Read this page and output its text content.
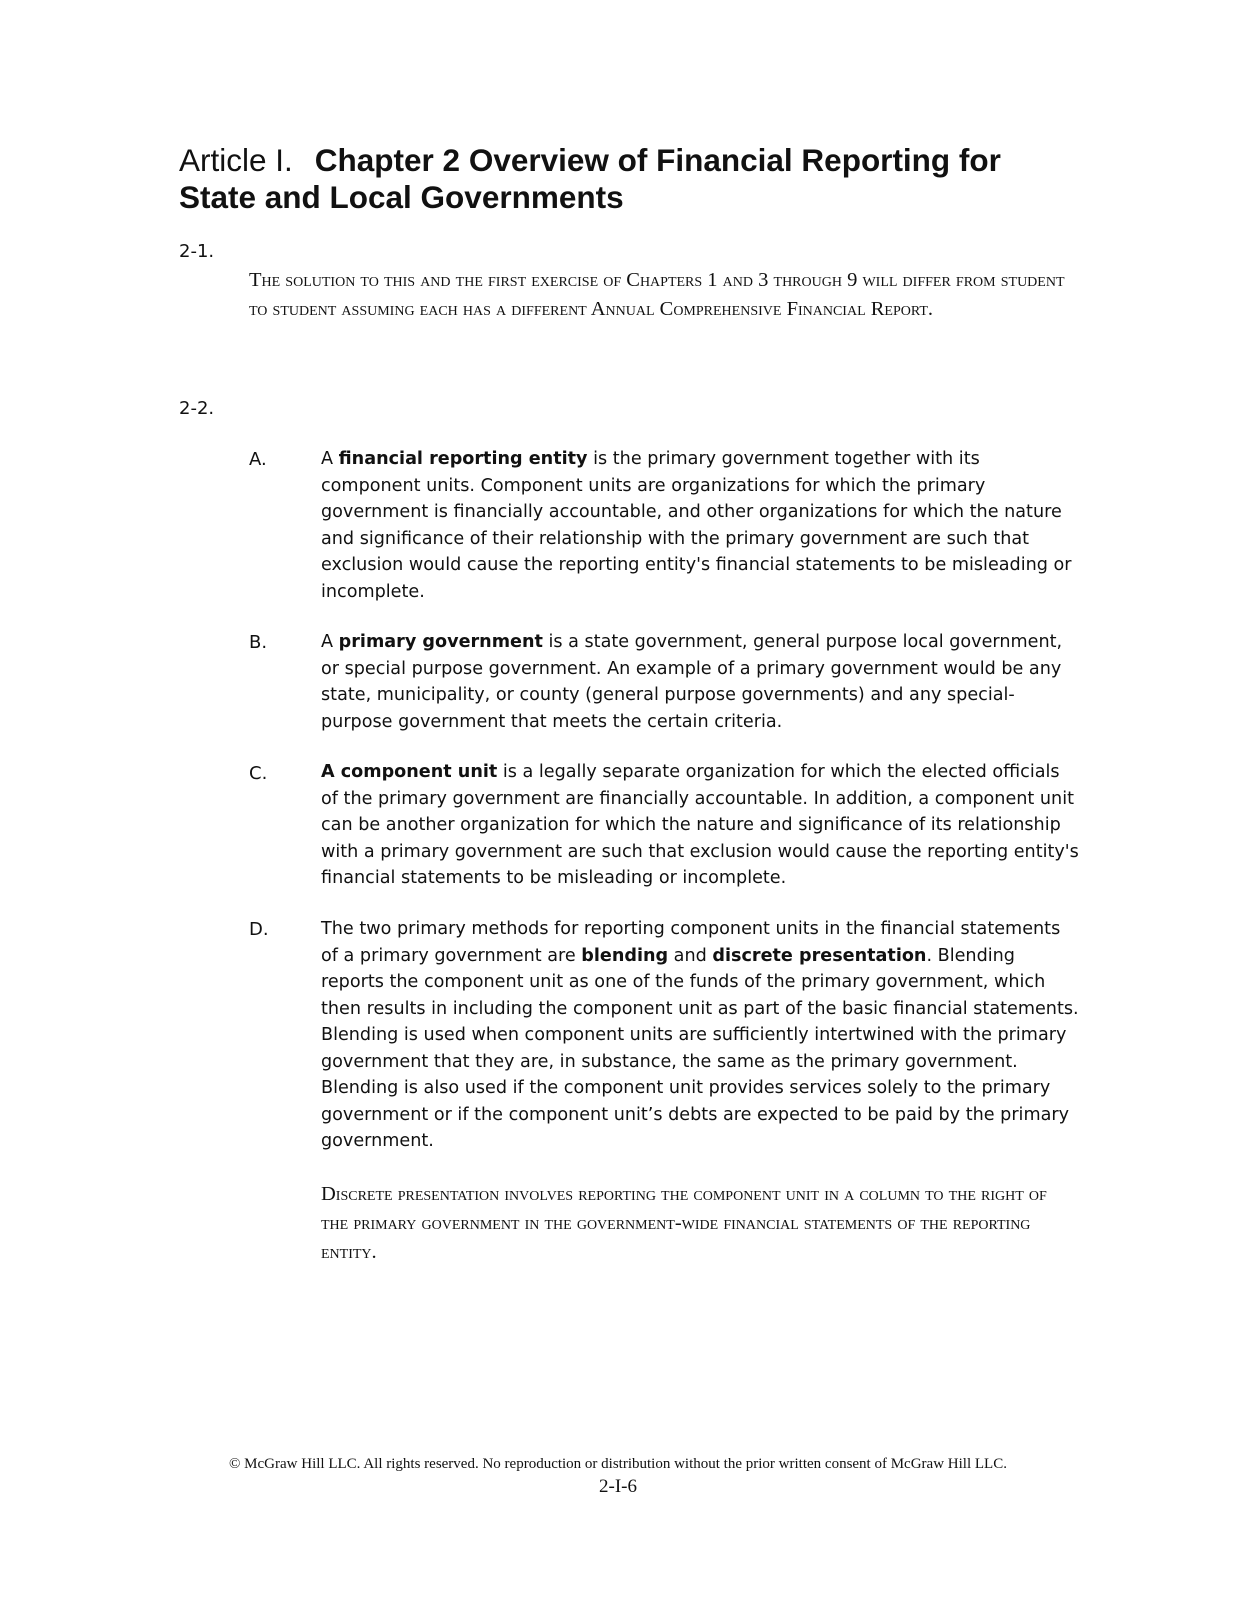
Article I. Chapter 2 Overview of Financial Reporting for State and Local Governments
2-1.
The solution to this and the first exercise of Chapters 1 and 3 through 9 will differ from student to student assuming each has a different Annual Comprehensive Financial Report.
2-2.
A.	A financial reporting entity is the primary government together with its component units. Component units are organizations for which the primary government is financially accountable, and other organizations for which the nature and significance of their relationship with the primary government are such that exclusion would cause the reporting entity's financial statements to be misleading or incomplete.
B.	A primary government is a state government, general purpose local government, or special purpose government. An example of a primary government would be any state, municipality, or county (general purpose governments) and any special-purpose government that meets the certain criteria.
C.	A component unit is a legally separate organization for which the elected officials of the primary government are financially accountable. In addition, a component unit can be another organization for which the nature and significance of its relationship with a primary government are such that exclusion would cause the reporting entity's financial statements to be misleading or incomplete.
D.	The two primary methods for reporting component units in the financial statements of a primary government are blending and discrete presentation. Blending reports the component unit as one of the funds of the primary government, which then results in including the component unit as part of the basic financial statements. Blending is used when component units are sufficiently intertwined with the primary government that they are, in substance, the same as the primary government. Blending is also used if the component unit provides services solely to the primary government or if the component unit’s debts are expected to be paid by the primary government.
Discrete presentation involves reporting the component unit in a column to the right of the primary government in the government-wide financial statements of the reporting entity.
© McGraw Hill LLC. All rights reserved. No reproduction or distribution without the prior written consent of McGraw Hill LLC.
2-I-6
